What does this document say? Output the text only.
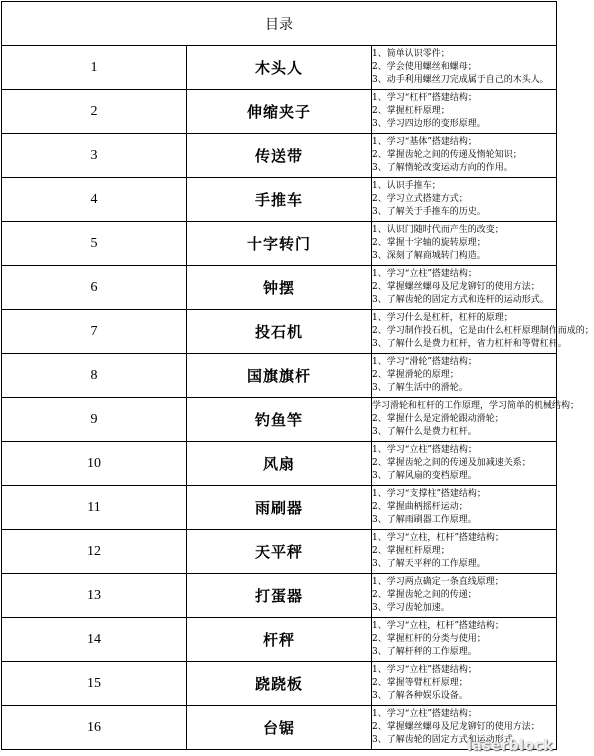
目录		
1	木头人	1、简单认识零件；
2、学会使用螺丝和螺母；
3、动手利用螺丝刀完成属于自己的木头人。

2	伸缩夹子	1、学习“杠杆”搭建结构；
2、掌握杠杆原理；
3、学习四边形的变形原理。

3	传送带	1、学习“基体”搭建结构；
2、掌握齿轮之间的传递及惰轮知识；
3、了解惰轮改变运动方向的作用。

4	手推车	1、认识手推车；
2、学习立式搭建方式；
3、了解关于手推车的历史。

5	十字转门	1、认识门随时代而产生的改变；
2、掌握十字轴的旋转原理；
3、深刻了解商城转门构造。

6	钟摆	1、学习“立柱”搭建结构；
2、掌握螺丝螺母及尼龙铆钉的使用方法；
3、了解齿轮的固定方式和连杆的运动形式。

7	投石机	1、学习什么是杠杆，杠杆的原理；
2、学习制作投石机，它是由什么杠杆原理制作而成的；
3、了解什么是费力杠杆，省力杠杆和等臂杠杆。

8	国旗旗杆	1、学习“滑轮”搭建结构；
2、掌握滑轮的原理；
3、了解生活中的滑轮。

9	钓鱼竿	学习滑轮和杠杆的工作原理，学习简单的机械结构；
2、掌握什么是定滑轮跟动滑轮；
3、了解什么是费力杠杆。

10	风扇	1、学习“立柱”搭建结构；
2、掌握齿轮之间的传递及加减速关系；
3、了解风扇的变档原理。

11	雨刷器	1、学习“支撑柱”搭建结构；
2、掌握曲柄摇杆运动；
3、了解雨刷器工作原理。

12	天平秤	1、学习“立柱，杠杆”搭建结构；
2、掌握杠杆原理；
3、了解天平秤的工作原理。

13	打蛋器	1、学习两点确定一条直线原理；
2、掌握齿轮之间的传递；
3、学习齿轮加速。

14	杆秤	1、学习“立柱，杠杆”搭建结构；
2、掌握杠杆的分类与使用；
3、了解杆秤的工作原理。

15	跷跷板	1、学习“立柱”搭建结构；
2、掌握等臂杠杆原理；
3、了解各种娱乐设备。

16	台锯	1、学习“立柱”搭建结构；
2、掌握螺丝螺母及尼龙铆钉的使用方法；
3、了解齿轮的固定方式和运动形式。
laserblock
